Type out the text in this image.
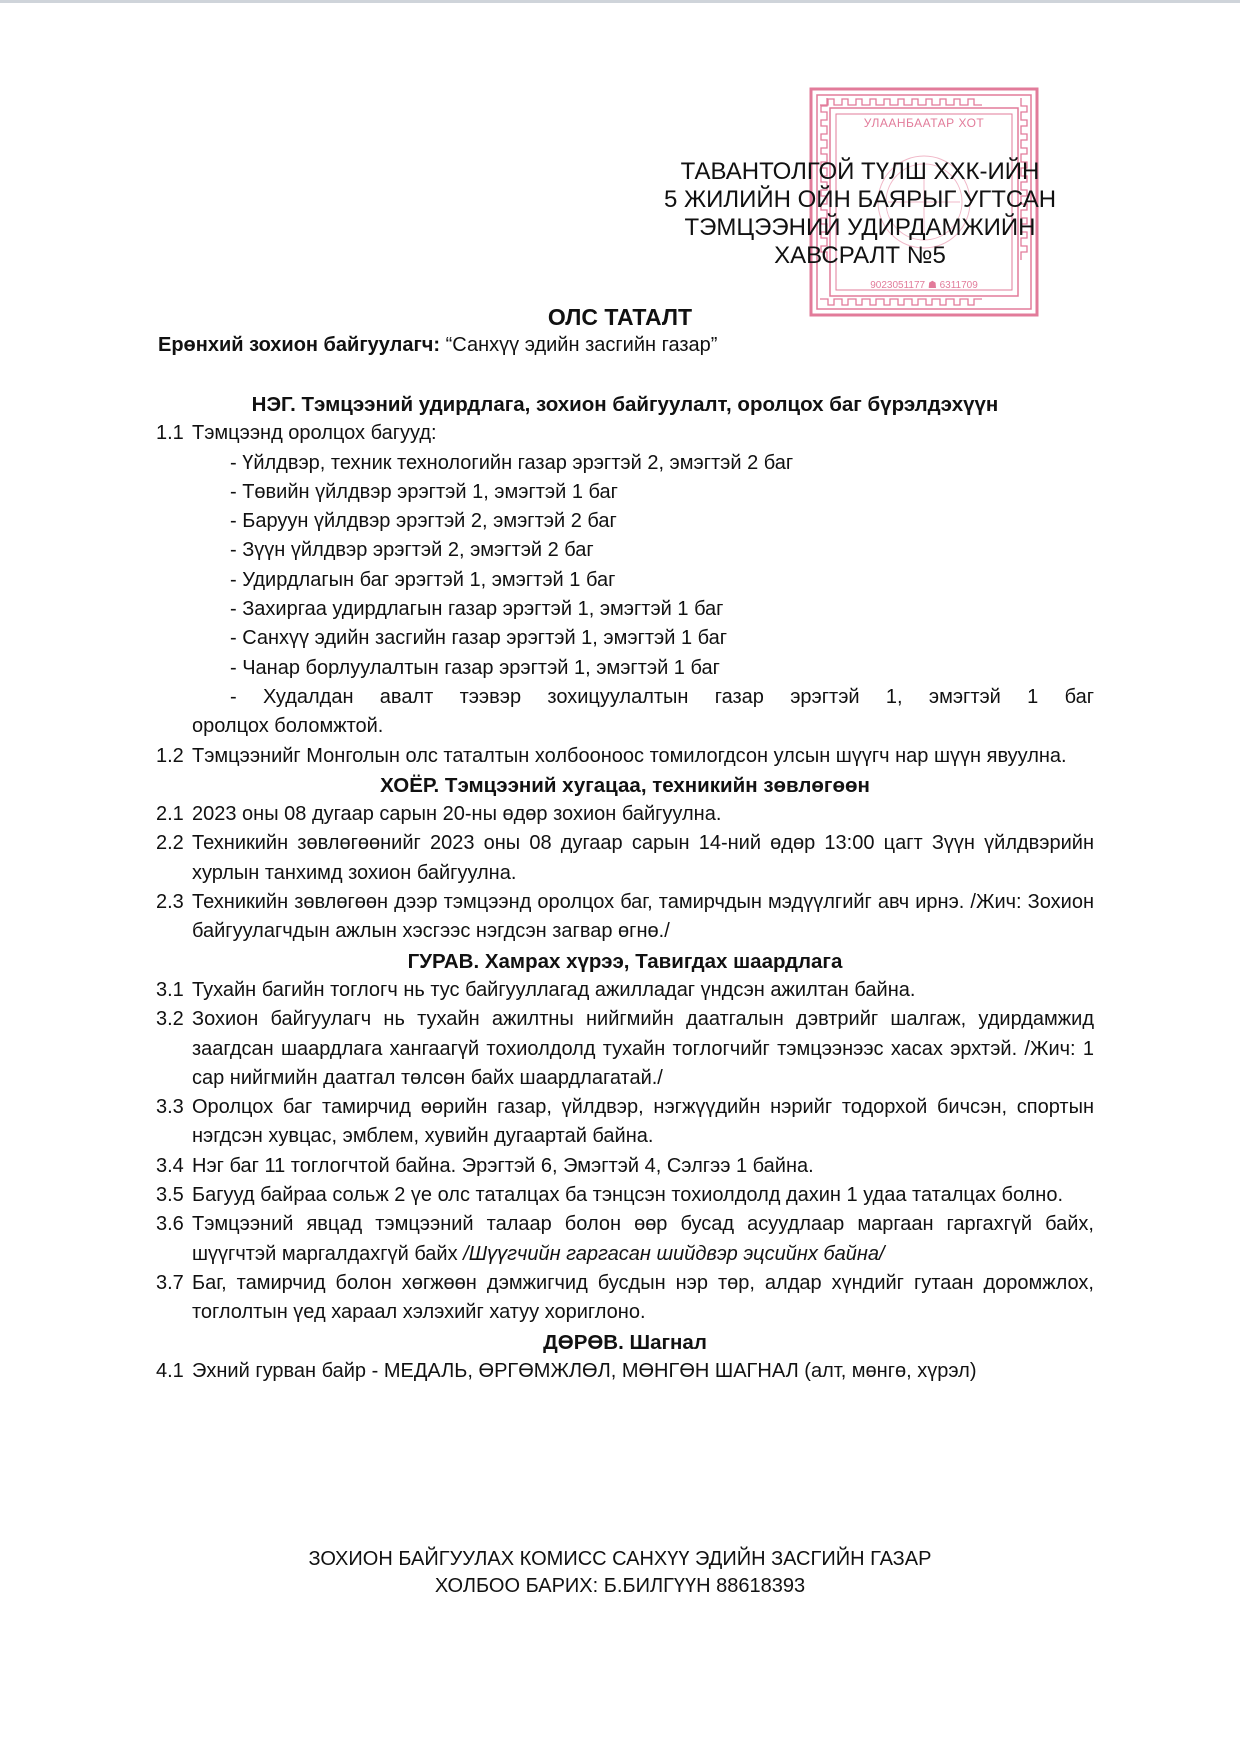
УЛААНБААТАР ХОТ
9023051177 ☗ 6311709
ТАВАНТОЛГОЙ ТҮЛШ ХХК-ИЙН
5 ЖИЛИЙН ОЙН БАЯРЫГ УГТСАН
ТЭМЦЭЭНИЙ УДИРДАМЖИЙН
ХАВСРАЛТ №5
ОЛС ТАТАЛТ
Ерөнхий зохион байгуулагч: “Санхүү эдийн засгийн газар”
НЭГ. Тэмцээний удирдлага, зохион байгуулалт, оролцох баг бүрэлдэхүүн
1.1 Тэмцээнд оролцох багууд:
- Үйлдвэр, техник технологийн газар эрэгтэй 2, эмэгтэй 2 баг
- Төвийн үйлдвэр эрэгтэй 1, эмэгтэй 1 баг
- Баруун үйлдвэр эрэгтэй 2, эмэгтэй 2 баг
- Зүүн үйлдвэр эрэгтэй 2, эмэгтэй 2 баг
- Удирдлагын баг эрэгтэй 1, эмэгтэй 1 баг
- Захиргаа удирдлагын газар эрэгтэй 1, эмэгтэй 1 баг
- Санхүү эдийн засгийн газар эрэгтэй 1, эмэгтэй 1 баг
- Чанар борлуулалтын газар эрэгтэй 1, эмэгтэй 1 баг
- Худалдан авалт тээвэр зохицуулалтын газар эрэгтэй 1, эмэгтэй 1 баг
оролцох боломжтой.
1.2 Тэмцээнийг Монголын олс таталтын холбооноос томилогдсон улсын шүүгч нар шүүн явуулна.
ХОЁР. Тэмцээний хугацаа, техникийн зөвлөгөөн
2.1 2023 оны 08 дугаар сарын 20-ны өдөр зохион байгуулна.
2.2 Техникийн зөвлөгөөнийг 2023 оны 08 дугаар сарын 14-ний өдөр 13:00 цагт Зүүн үйлдвэрийн хурлын танхимд зохион байгуулна.
2.3 Техникийн зөвлөгөөн дээр тэмцээнд оролцох баг, тамирчдын мэдүүлгийг авч ирнэ. /Жич: Зохион байгуулагчдын ажлын хэсгээс нэгдсэн загвар өгнө./
ГУРАВ. Хамрах хүрээ, Тавигдах шаардлага
3.1 Тухайн багийн тоглогч нь тус байгууллагад ажилладаг үндсэн ажилтан байна.
3.2 Зохион байгуулагч нь тухайн ажилтны нийгмийн даатгалын дэвтрийг шалгаж, удирдамжид заагдсан шаардлага хангаагүй тохиолдолд тухайн тоглогчийг тэмцээнээс хасах эрхтэй. /Жич: 1 сар нийгмийн даатгал төлсөн байх шаардлагатай./
3.3 Оролцох баг тамирчид өөрийн газар, үйлдвэр, нэгжүүдийн нэрийг тодорхой бичсэн, спортын нэгдсэн хувцас, эмблем, хувийн дугаартай байна.
3.4 Нэг баг 11 тоглогчтой байна. Эрэгтэй 6, Эмэгтэй 4, Сэлгээ 1 байна.
3.5 Багууд байраа сольж 2 үе олс таталцах ба тэнцсэн тохиолдолд дахин 1 удаа таталцах болно.
3.6 Тэмцээний явцад тэмцээний талаар болон өөр бусад асуудлаар маргаан гаргахгүй байх, шүүгчтэй маргалдахгүй байх /Шүүгчийн гаргасан шийдвэр эцсийнх байна/
3.7 Баг, тамирчид болон хөгжөөн дэмжигчид бусдын нэр төр, алдар хүндийг гутаан доромжлох, тоглолтын үед хараал хэлэхийг хатуу хориглоно.
ДӨРӨВ. Шагнал
4.1 Эхний гурван байр - МЕДАЛЬ, ӨРГӨМЖЛӨЛ, МӨНГӨН ШАГНАЛ (алт, мөнгө, хүрэл)
ЗОХИОН БАЙГУУЛАХ КОМИСС САНХҮҮ ЭДИЙН ЗАСГИЙН ГАЗАР
ХОЛБОО БАРИХ: Б.БИЛГҮҮН 88618393
